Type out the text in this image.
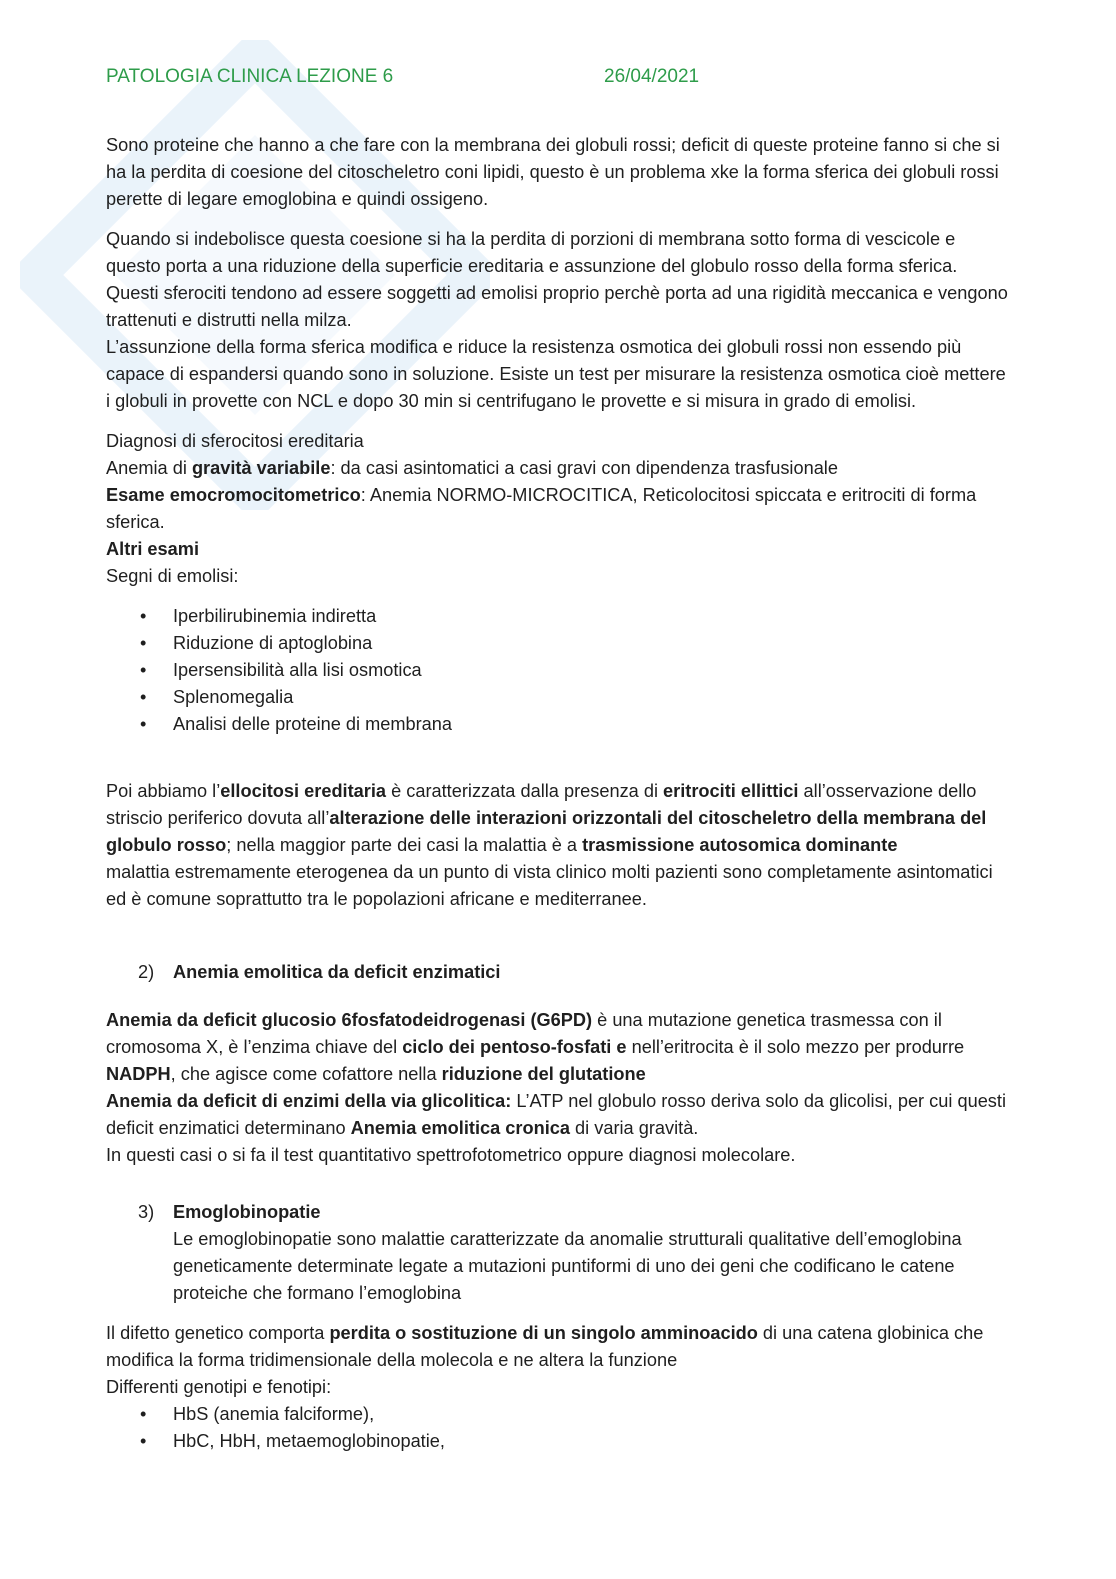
PATOLOGIA CLINICA LEZIONE 6	26/04/2021

Sono proteine che hanno a che fare con la membrana dei globuli rossi; deficit di queste proteine fanno si che si ha la perdita di coesione del citoscheletro coni lipidi, questo è un problema xke la forma sferica dei globuli rossi perette di legare emoglobina e quindi ossigeno.

Quando si indebolisce questa coesione si ha la perdita di porzioni di membrana sotto forma di vescicole e questo porta a una riduzione della superficie ereditaria e assunzione del globulo rosso della forma sferica. Questi sferociti tendono ad essere soggetti ad emolisi proprio perchè porta ad una rigidità meccanica e vengono trattenuti e distrutti nella milza.

L’assunzione della forma sferica modifica e riduce la resistenza osmotica dei globuli rossi non essendo più capace di espandersi quando sono in soluzione. Esiste un test per misurare la resistenza osmotica cioè mettere i globuli in provette con NCL e dopo 30 min si centrifugano le provette e si misura in grado di emolisi.

Diagnosi di sferocitosi ereditaria

Anemia di gravità variabile: da casi asintomatici a casi gravi con dipendenza trasfusionale

Esame emocromocitometrico: Anemia NORMO-MICROCITICA, Reticolocitosi spiccata e eritrociti di forma sferica.

Altri esami

Segni di emolisi:

• Iperbilirubinemia indiretta
• Riduzione di aptoglobina
• Ipersensibilità alla lisi osmotica
• Splenomegalia
• Analisi delle proteine di membrana

Poi abbiamo l’ellocitosi ereditaria è caratterizzata dalla presenza di eritrociti ellittici all’osservazione dello striscio periferico dovuta all’alterazione delle interazioni orizzontali del citoscheletro della membrana del globulo rosso; nella maggior parte dei casi la malattia è a trasmissione autosomica dominante

malattia estremamente eterogenea da un punto di vista clinico molti pazienti sono completamente asintomatici ed è comune soprattutto tra le popolazioni africane e mediterranee.

2) Anemia emolitica da deficit enzimatici

Anemia da deficit glucosio 6fosfatodeidrogenasi (G6PD) è una mutazione genetica trasmessa con il cromosoma X, è l’enzima chiave del ciclo dei pentoso-fosfati e nell’eritrocita è il solo mezzo per produrre NADPH, che agisce come cofattore nella riduzione del glutatione

Anemia da deficit di enzimi della via glicolitica: L’ATP nel globulo rosso deriva solo da glicolisi, per cui questi deficit enzimatici determinano Anemia emolitica cronica di varia gravità.

In questi casi o si fa il test quantitativo spettrofotometrico oppure diagnosi molecolare.

3) Emoglobinopatie

Le emoglobinopatie sono malattie caratterizzate da anomalie strutturali qualitative dell’emoglobina geneticamente determinate legate a mutazioni puntiformi di uno dei geni che codificano le catene proteiche che formano l’emoglobina

Il difetto genetico comporta perdita o sostituzione di un singolo amminoacido di una catena globinica che modifica la forma tridimensionale della molecola e ne altera la funzione

Differenti genotipi e fenotipi:

• HbS (anemia falciforme),
• HbC, HbH, metaemoglobinopatie,
